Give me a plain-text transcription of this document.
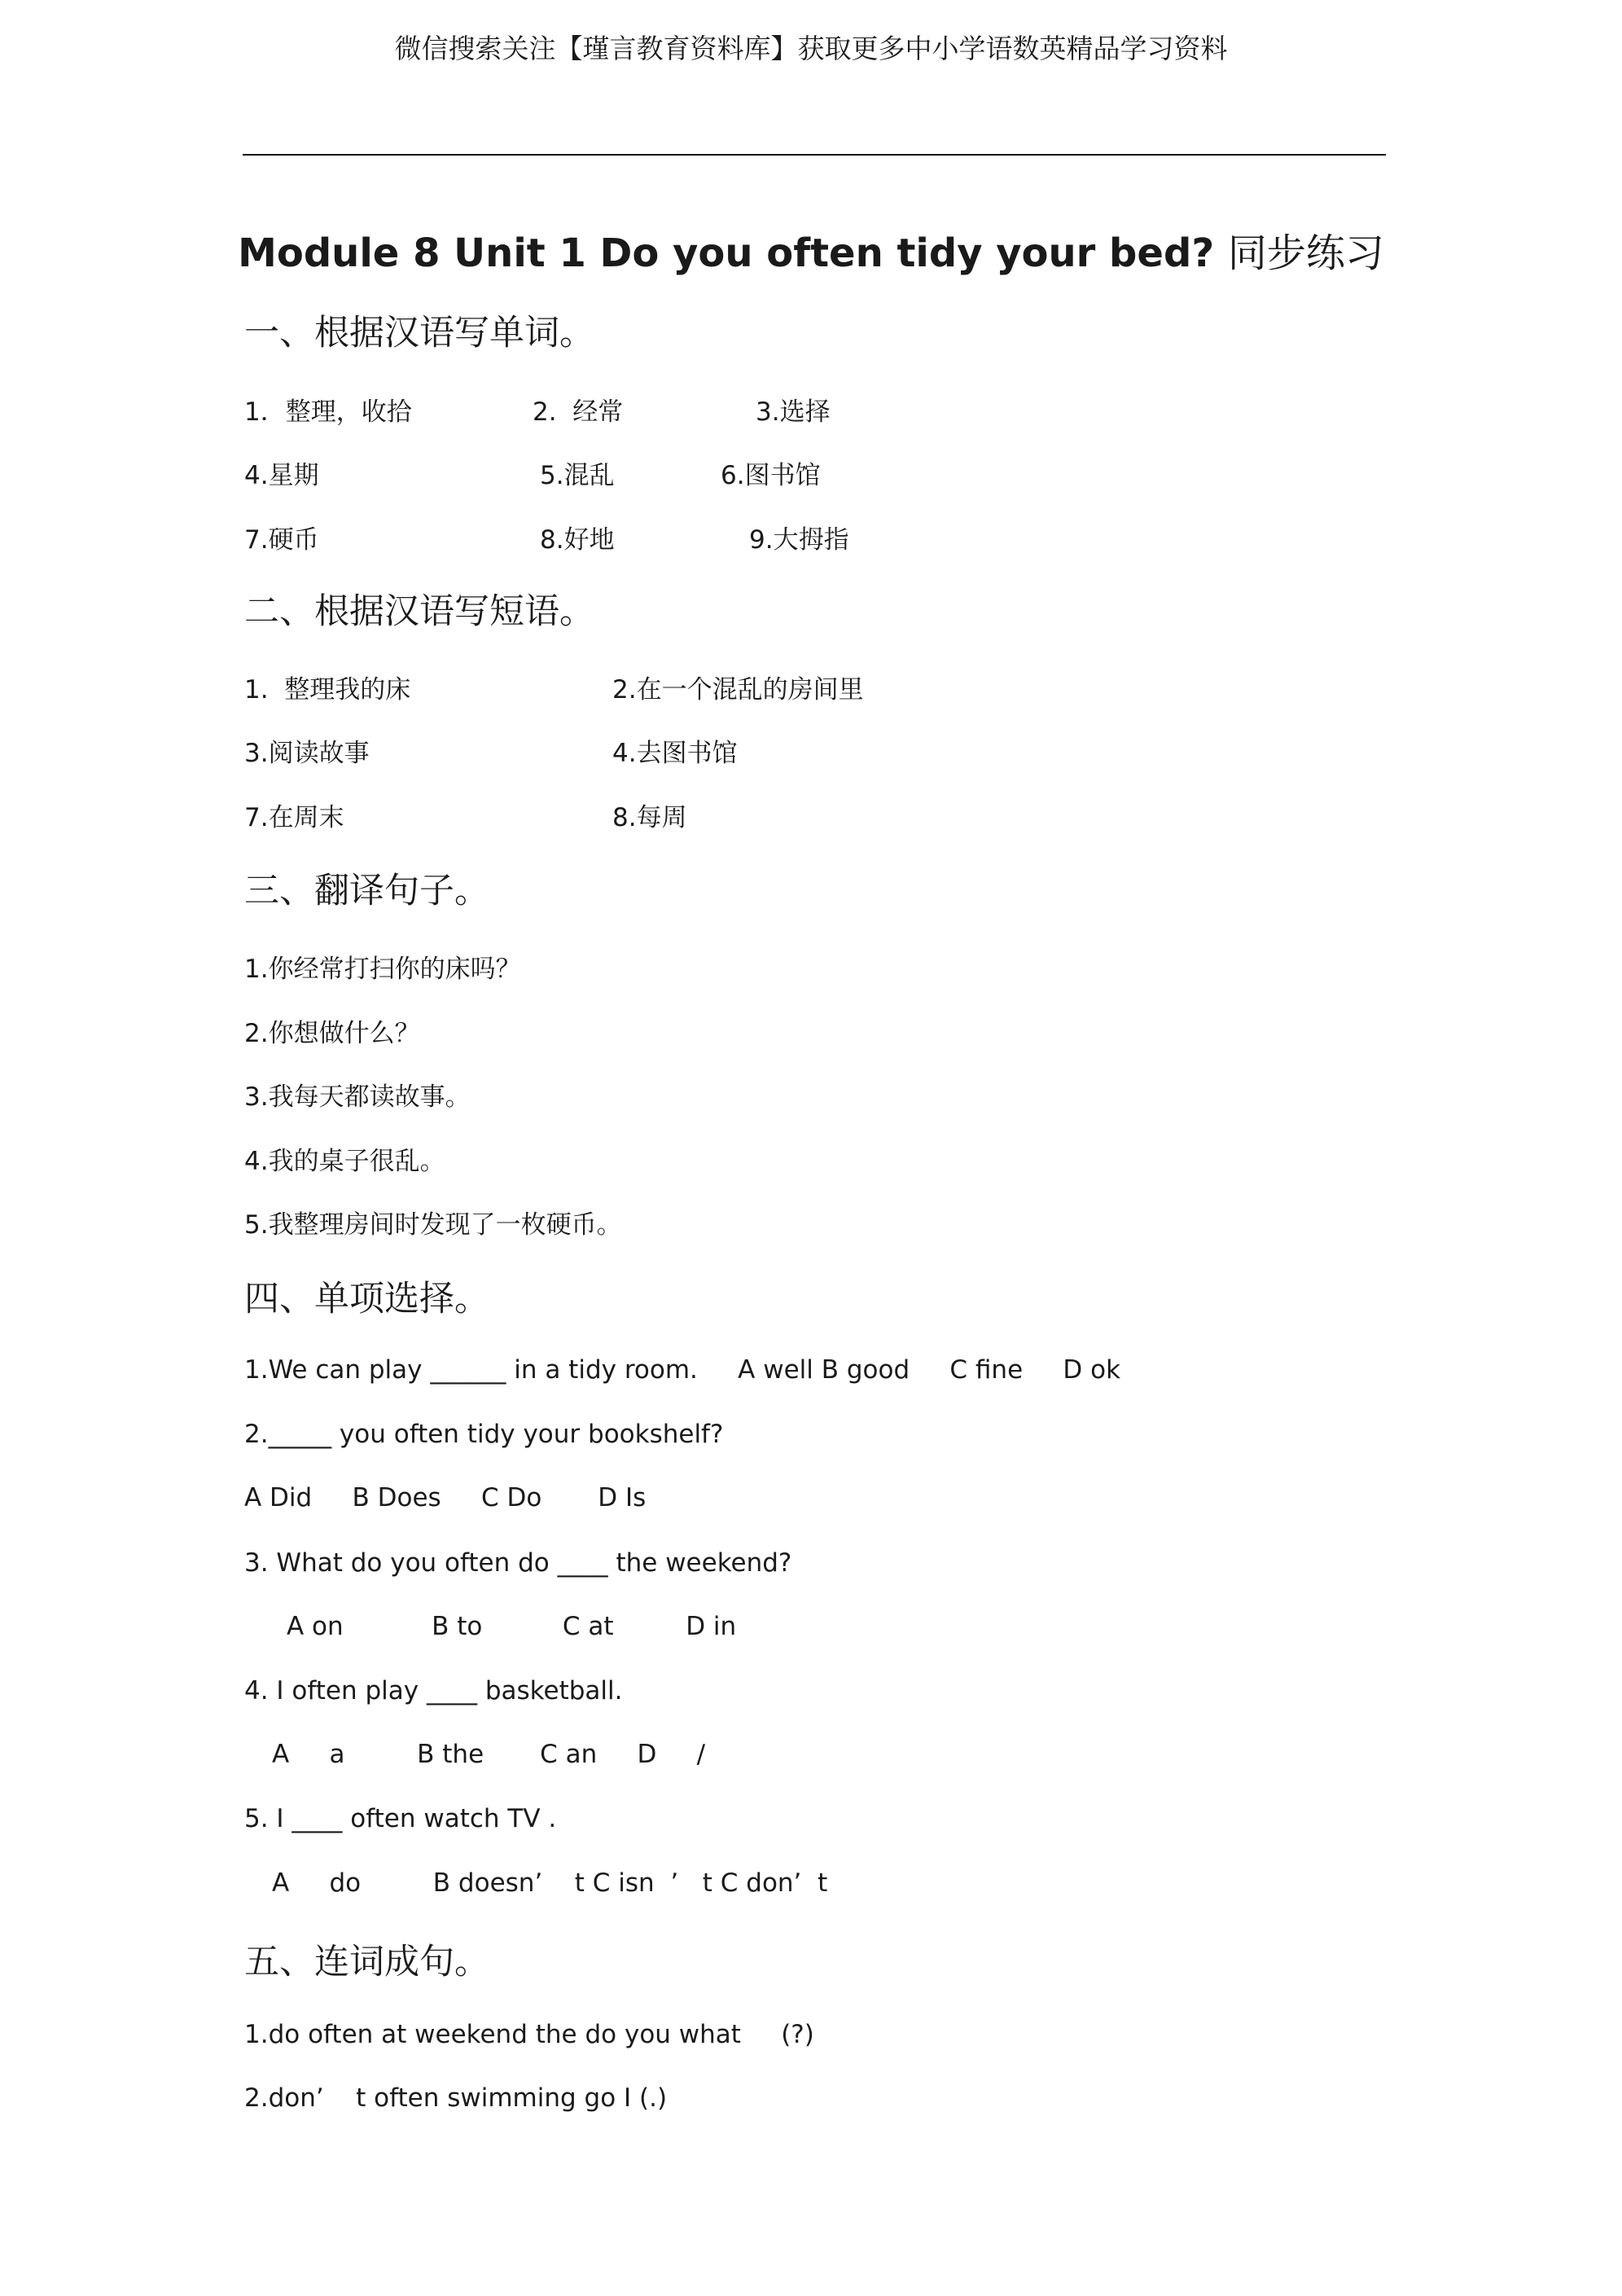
微信搜索关注【瑾言教育资料库】获取更多中小学语数英精品学习资料
Module 8 Unit 1 Do you often tidy your bed? 同步练习
一、根据汉语写单词。
1．整理，收拾	2.  经常	3.选择
4.星期	5.混乱	6.图书馆
7.硬币	8.好地	9.大拇指
二、根据汉语写短语。
1.  整理我的床	2.在一个混乱的房间里
3.阅读故事	4.去图书馆
7.在周末	8.每周
三、翻译句子。
1.你经常打扫你的床吗？
2.你想做什么？
3.我每天都读故事。
4.我的桌子很乱。
5.我整理房间时发现了一枚硬币。
四、单项选择。
1.We can play ______ in a tidy room.     A well B good     C fine     D ok
2._____ you often tidy your bookshelf?
A Did     B Does     C Do       D Is
3. What do you often do ____ the weekend?
A on           B to          C at         D in
4. I often play ____ basketball.
A     a         B the       C an     D     /
5. I ____ often watch TV .
A     do         B doesn’    t C isn  ’   t C don’  t
五、连词成句。
1.do often at weekend the do you what     (?)
2.don’    t often swimming go I (.)
